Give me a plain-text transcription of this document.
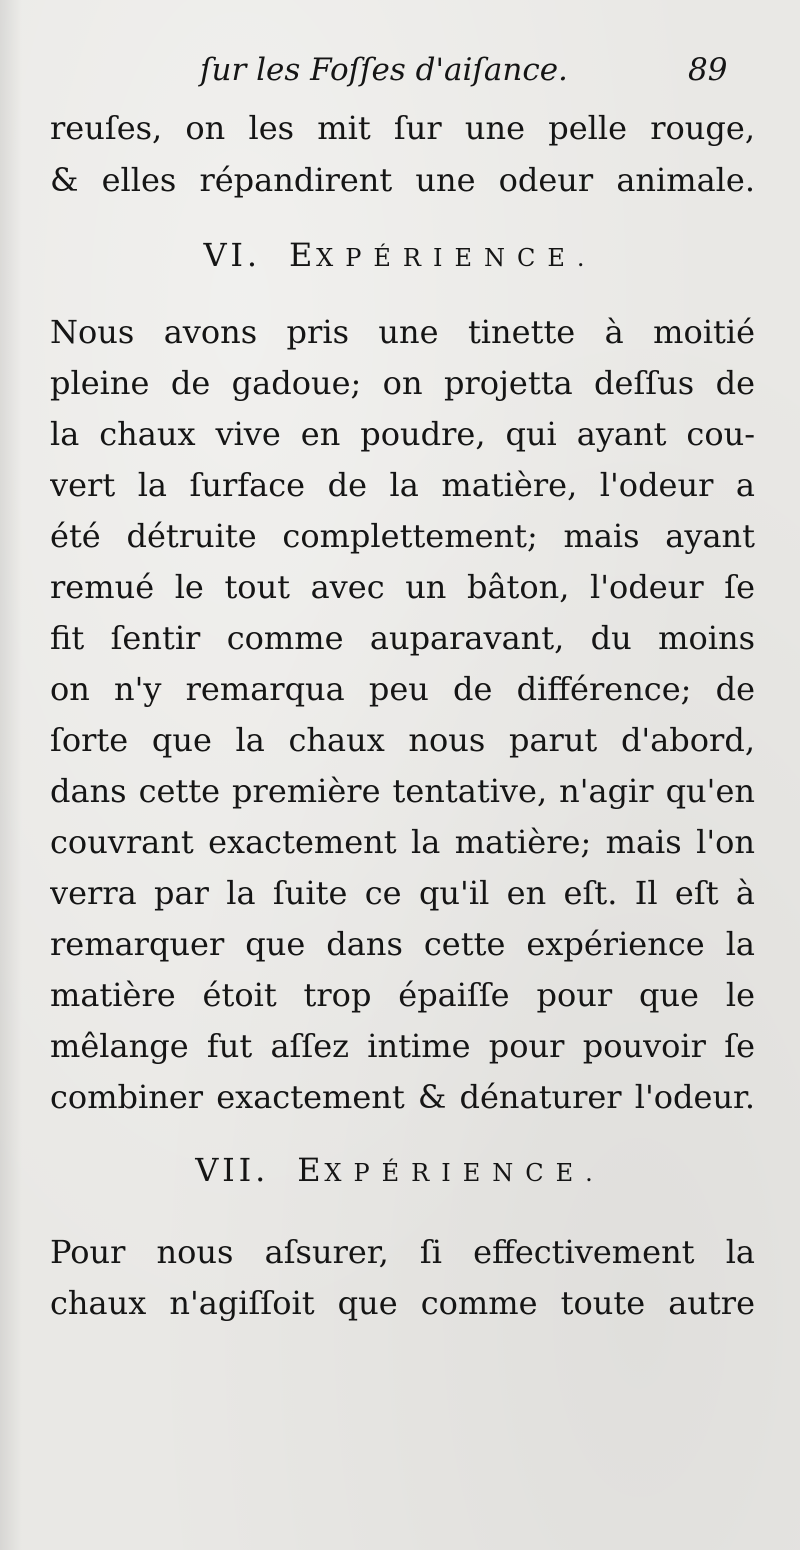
ſur les Foſſes d'aiſance.	89
reuſes, on les mit ſur une pelle rouge,
& elles répandirent une odeur animale.
VI. EXPÉRIENCE.
Nous avons pris une tinette à moitié
pleine de gadoue; on projetta deſſus de
la chaux vive en poudre, qui ayant cou-
vert la ſurface de la matière, l'odeur a
été détruite complettement; mais ayant
remué le tout avec un bâton, l'odeur ſe
fit ſentir comme auparavant, du moins
on n'y remarqua peu de différence; de
ſorte que la chaux nous parut d'abord,
dans cette première tentative, n'agir qu'en
couvrant exactement la matière; mais l'on
verra par la ſuite ce qu'il en eſt. Il eſt à
remarquer que dans cette expérience la
matière étoit trop épaiſſe pour que le
mêlange fut aſſez intime pour pouvoir ſe
combiner exactement & dénaturer l'odeur.
VII. EXPÉRIENCE.
Pour nous aſsurer, ſi effectivement la
chaux n'agiſſoit que comme toute autre
